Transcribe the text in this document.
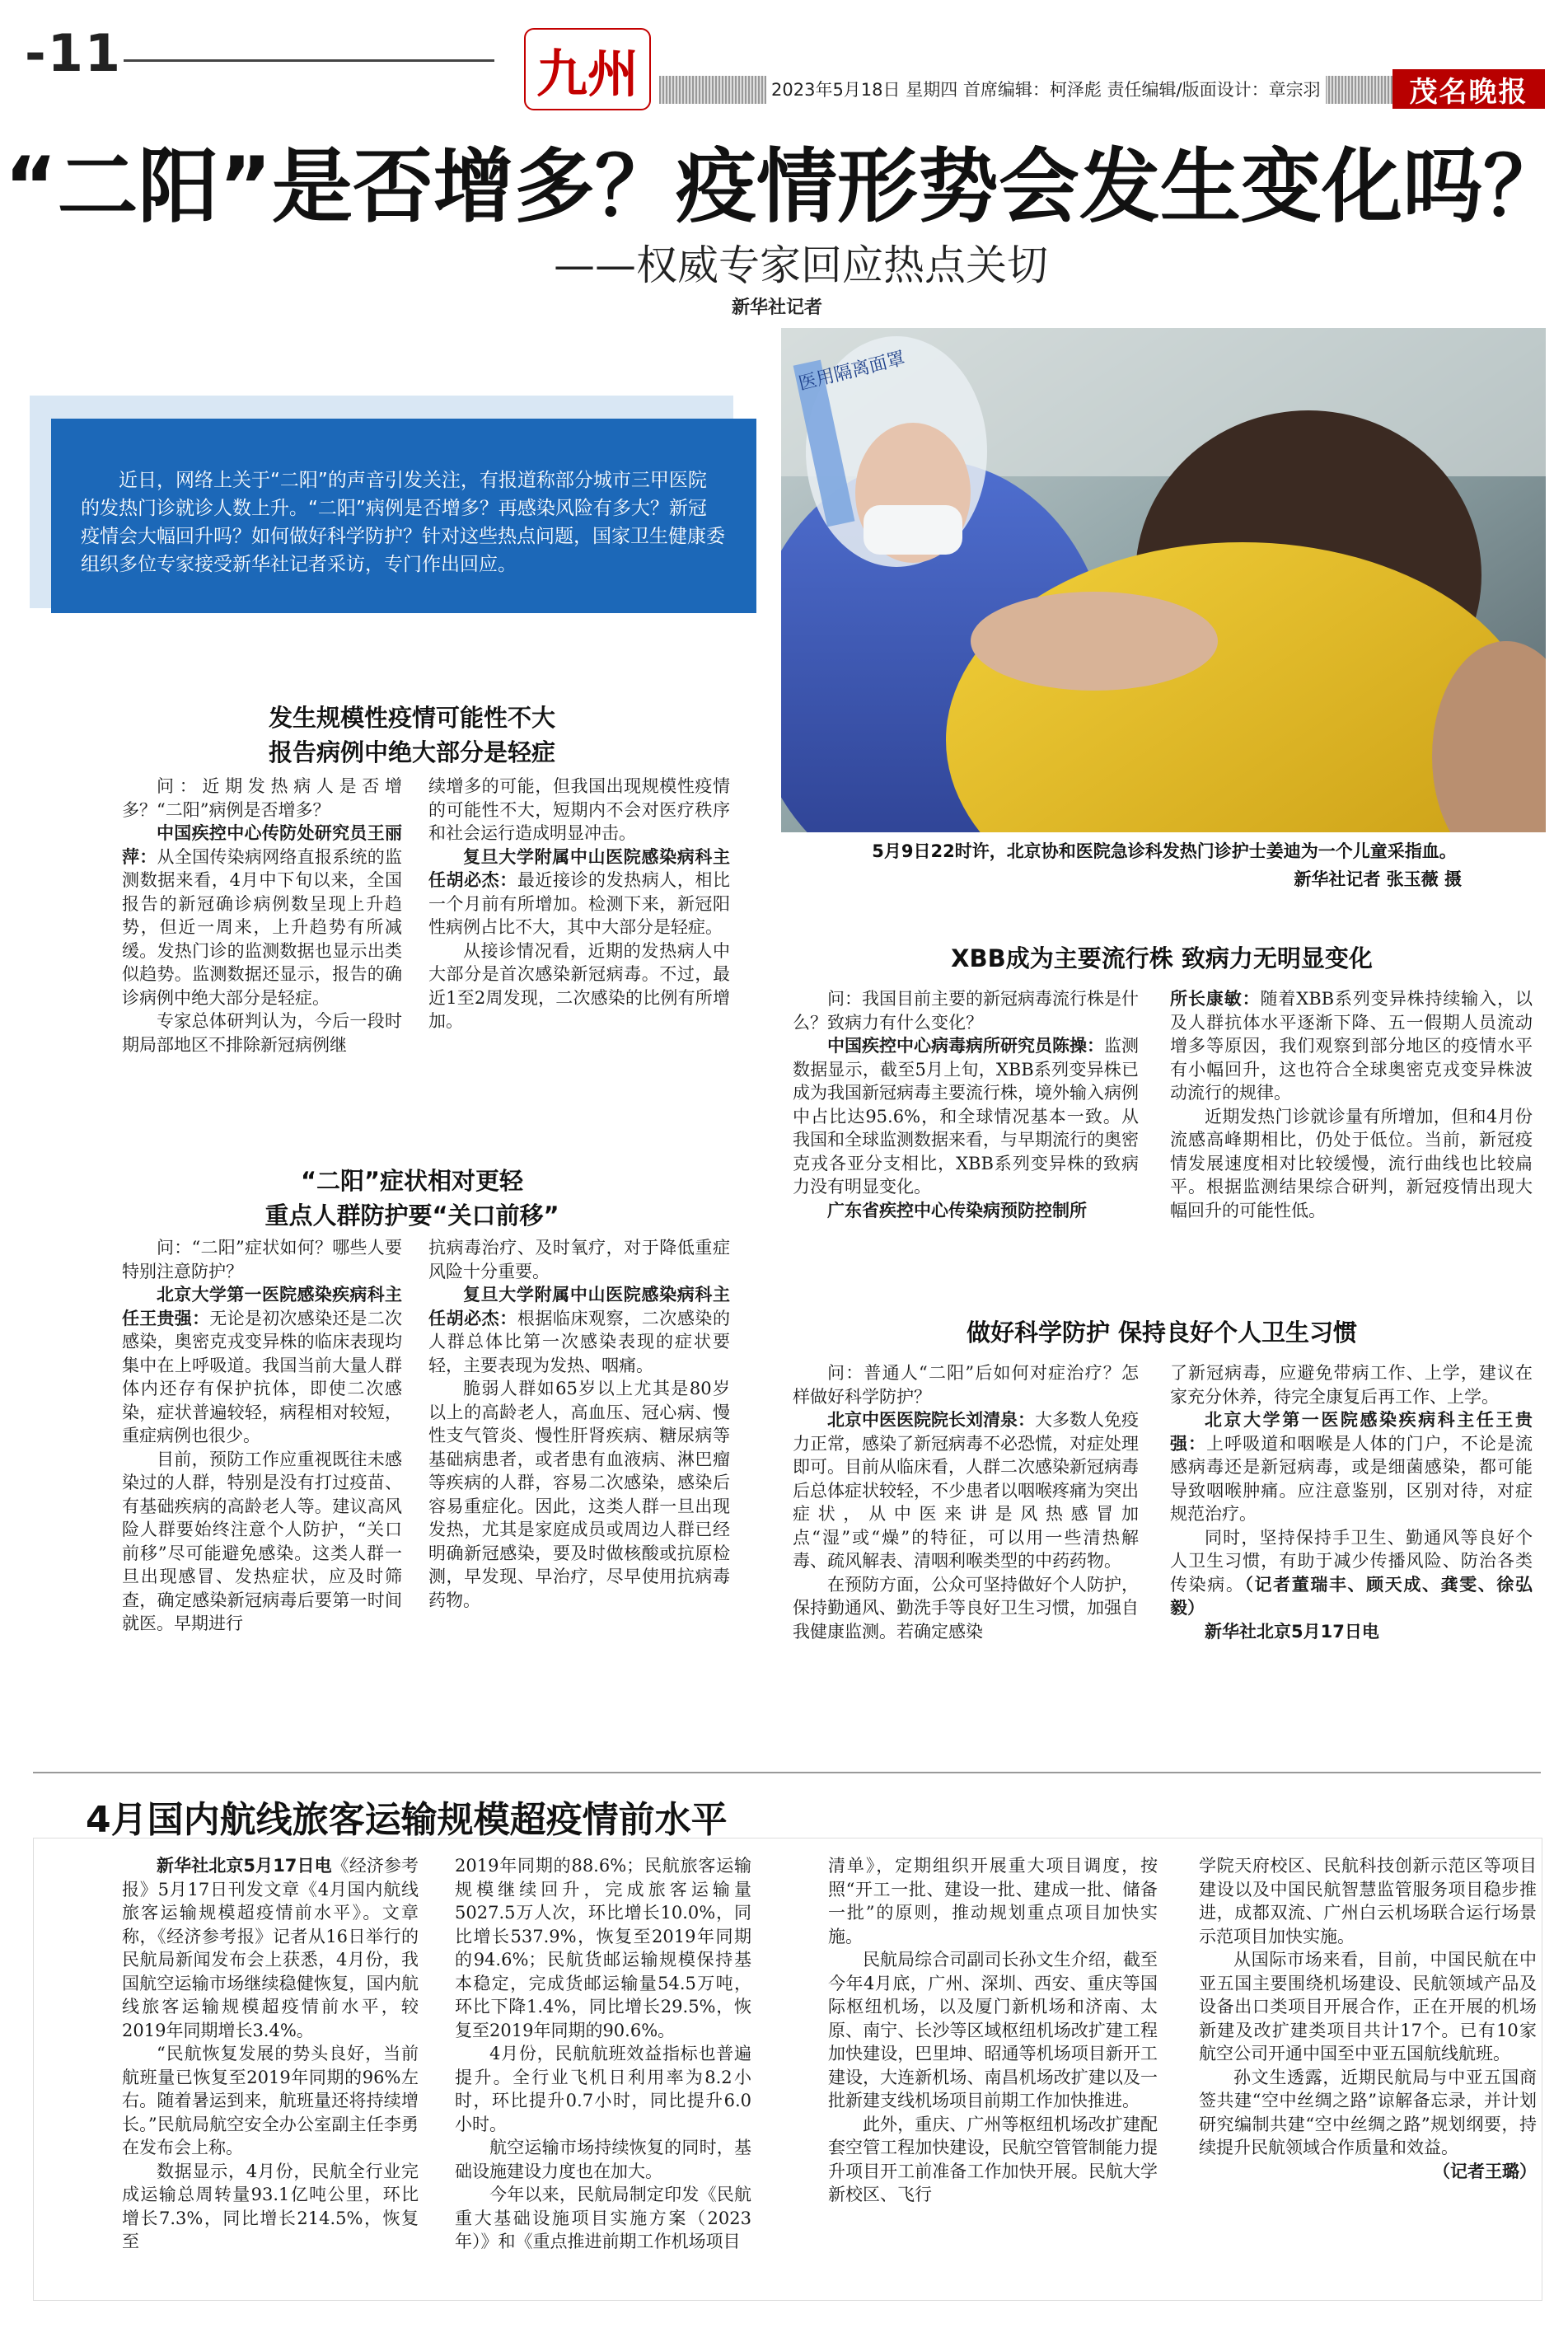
-11	九州	2023年5月18日 星期四 首席编辑：柯泽彪 责任编辑/版面设计：章宗羽	茂名晚报
“二阳”是否增多？疫情形势会发生变化吗？
——权威专家回应热点关切
新华社记者
近日，网络上关于“二阳”的声音引发关注，有报道称部分城市三甲医院的发热门诊就诊人数上升。“二阳”病例是否增多？再感染风险有多大？新冠疫情会大幅回升吗？如何做好科学防护？针对这些热点问题，国家卫生健康委组织多位专家接受新华社记者采访，专门作出回应。
医用隔离面罩
5月9日22时许，北京协和医院急诊科发热门诊护士姜迪为一个儿童采指血。
新华社记者 张玉薇 摄
发生规模性疫情可能性不大
报告病例中绝大部分是轻症

问：近期发热病人是否增多？“二阳”病例是否增多？

中国疾控中心传防处研究员王丽萍：从全国传染病网络直报系统的监测数据来看，4月中下旬以来，全国报告的新冠确诊病例数呈现上升趋势，但近一周来，上升趋势有所减缓。发热门诊的监测数据也显示出类似趋势。监测数据还显示，报告的确诊病例中绝大部分是轻症。

专家总体研判认为，今后一段时期局部地区不排除新冠病例继

续增多的可能，但我国出现规模性疫情的可能性不大，短期内不会对医疗秩序和社会运行造成明显冲击。

复旦大学附属中山医院感染病科主任胡必杰：最近接诊的发热病人，相比一个月前有所增加。检测下来，新冠阳性病例占比不大，其中大部分是轻症。

从接诊情况看，近期的发热病人中大部分是首次感染新冠病毒。不过，最近1至2周发现，二次感染的比例有所增加。

“二阳”症状相对更轻
重点人群防护要“关口前移”

问：“二阳”症状如何？哪些人要特别注意防护？

北京大学第一医院感染疾病科主任王贵强：无论是初次感染还是二次感染，奥密克戎变异株的临床表现均集中在上呼吸道。我国当前大量人群体内还存有保护抗体，即使二次感染，症状普遍较轻，病程相对较短，重症病例也很少。

目前，预防工作应重视既往未感染过的人群，特别是没有打过疫苗、有基础疾病的高龄老人等。建议高风险人群要始终注意个人防护，“关口前移”尽可能避免感染。这类人群一旦出现感冒、发热症状，应及时筛查，确定感染新冠病毒后要第一时间就医。早期进行

抗病毒治疗、及时氧疗，对于降低重症风险十分重要。

复旦大学附属中山医院感染病科主任胡必杰：根据临床观察，二次感染的人群总体比第一次感染表现的症状要轻，主要表现为发热、咽痛。

脆弱人群如65岁以上尤其是80岁以上的高龄老人，高血压、冠心病、慢性支气管炎、慢性肝肾疾病、糖尿病等基础病患者，或者患有血液病、淋巴瘤等疾病的人群，容易二次感染，感染后容易重症化。因此，这类人群一旦出现发热，尤其是家庭成员或周边人群已经明确新冠感染，要及时做核酸或抗原检测，早发现、早治疗，尽早使用抗病毒药物。

XBB成为主要流行株 致病力无明显变化

问：我国目前主要的新冠病毒流行株是什么？致病力有什么变化？

中国疾控中心病毒病所研究员陈操：监测数据显示，截至5月上旬，XBB系列变异株已成为我国新冠病毒主要流行株，境外输入病例中占比达95.6%，和全球情况基本一致。从我国和全球监测数据来看，与早期流行的奥密克戎各亚分支相比，XBB系列变异株的致病力没有明显变化。

广东省疾控中心传染病预防控制所

所长康敏：随着XBB系列变异株持续输入，以及人群抗体水平逐渐下降、五一假期人员流动增多等原因，我们观察到部分地区的疫情水平有小幅回升，这也符合全球奥密克戎变异株波动流行的规律。

近期发热门诊就诊量有所增加，但和4月份流感高峰期相比，仍处于低位。当前，新冠疫情发展速度相对比较缓慢，流行曲线也比较扁平。根据监测结果综合研判，新冠疫情出现大幅回升的可能性低。

做好科学防护 保持良好个人卫生习惯

问：普通人“二阳”后如何对症治疗？怎样做好科学防护？

北京中医医院院长刘清泉：大多数人免疫力正常，感染了新冠病毒不必恐慌，对症处理即可。目前从临床看，人群二次感染新冠病毒后总体症状较轻，不少患者以咽喉疼痛为突出症状，从中医来讲是风热感冒加点“湿”或“燥”的特征，可以用一些清热解毒、疏风解表、清咽利喉类型的中药药物。

在预防方面，公众可坚持做好个人防护，保持勤通风、勤洗手等良好卫生习惯，加强自我健康监测。若确定感染

了新冠病毒，应避免带病工作、上学，建议在家充分休养，待完全康复后再工作、上学。

北京大学第一医院感染疾病科主任王贵强：上呼吸道和咽喉是人体的门户，不论是流感病毒还是新冠病毒，或是细菌感染，都可能导致咽喉肿痛。应注意鉴别，区别对待，对症规范治疗。

同时，坚持保持手卫生、勤通风等良好个人卫生习惯，有助于减少传播风险、防治各类传染病。（记者董瑞丰、顾天成、龚雯、徐弘毅）

新华社北京5月17日电

4月国内航线旅客运输规模超疫情前水平

新华社北京5月17日电《经济参考报》5月17日刊发文章《4月国内航线旅客运输规模超疫情前水平》。文章称，《经济参考报》记者从16日举行的民航局新闻发布会上获悉，4月份，我国航空运输市场继续稳健恢复，国内航线旅客运输规模超疫情前水平，较2019年同期增长3.4%。

“民航恢复发展的势头良好，当前航班量已恢复至2019年同期的96%左右。随着暑运到来，航班量还将持续增长。”民航局航空安全办公室副主任李勇在发布会上称。

数据显示，4月份，民航全行业完成运输总周转量93.1亿吨公里，环比增长7.3%，同比增长214.5%，恢复至

2019年同期的88.6%；民航旅客运输规模继续回升，完成旅客运输量5027.5万人次，环比增长10.0%，同比增长537.9%，恢复至2019年同期的94.6%；民航货邮运输规模保持基本稳定，完成货邮运输量54.5万吨，环比下降1.4%，同比增长29.5%，恢复至2019年同期的90.6%。

4月份，民航航班效益指标也普遍提升。全行业飞机日利用率为8.2小时，环比提升0.7小时，同比提升6.0小时。

航空运输市场持续恢复的同时，基础设施建设力度也在加大。

今年以来，民航局制定印发《民航重大基础设施项目实施方案（2023年）》和《重点推进前期工作机场项目

清单》，定期组织开展重大项目调度，按照“开工一批、建设一批、建成一批、储备一批”的原则，推动规划重点项目加快实施。

民航局综合司副司长孙文生介绍，截至今年4月底，广州、深圳、西安、重庆等国际枢纽机场，以及厦门新机场和济南、太原、南宁、长沙等区域枢纽机场改扩建工程加快建设，巴里坤、昭通等机场项目新开工建设，大连新机场、南昌机场改扩建以及一批新建支线机场项目前期工作加快推进。

此外，重庆、广州等枢纽机场改扩建配套空管工程加快建设，民航空管管制能力提升项目开工前准备工作加快开展。民航大学新校区、飞行

学院天府校区、民航科技创新示范区等项目建设以及中国民航智慧监管服务项目稳步推进，成都双流、广州白云机场联合运行场景示范项目加快实施。

从国际市场来看，目前，中国民航在中亚五国主要围绕机场建设、民航领域产品及设备出口类项目开展合作，正在开展的机场新建及改扩建类项目共计17个。已有10家航空公司开通中国至中亚五国航线航班。

孙文生透露，近期民航局与中亚五国商签共建“空中丝绸之路”谅解备忘录，并计划研究编制共建“空中丝绸之路”规划纲要，持续提升民航领域合作质量和效益。

（记者王璐）
